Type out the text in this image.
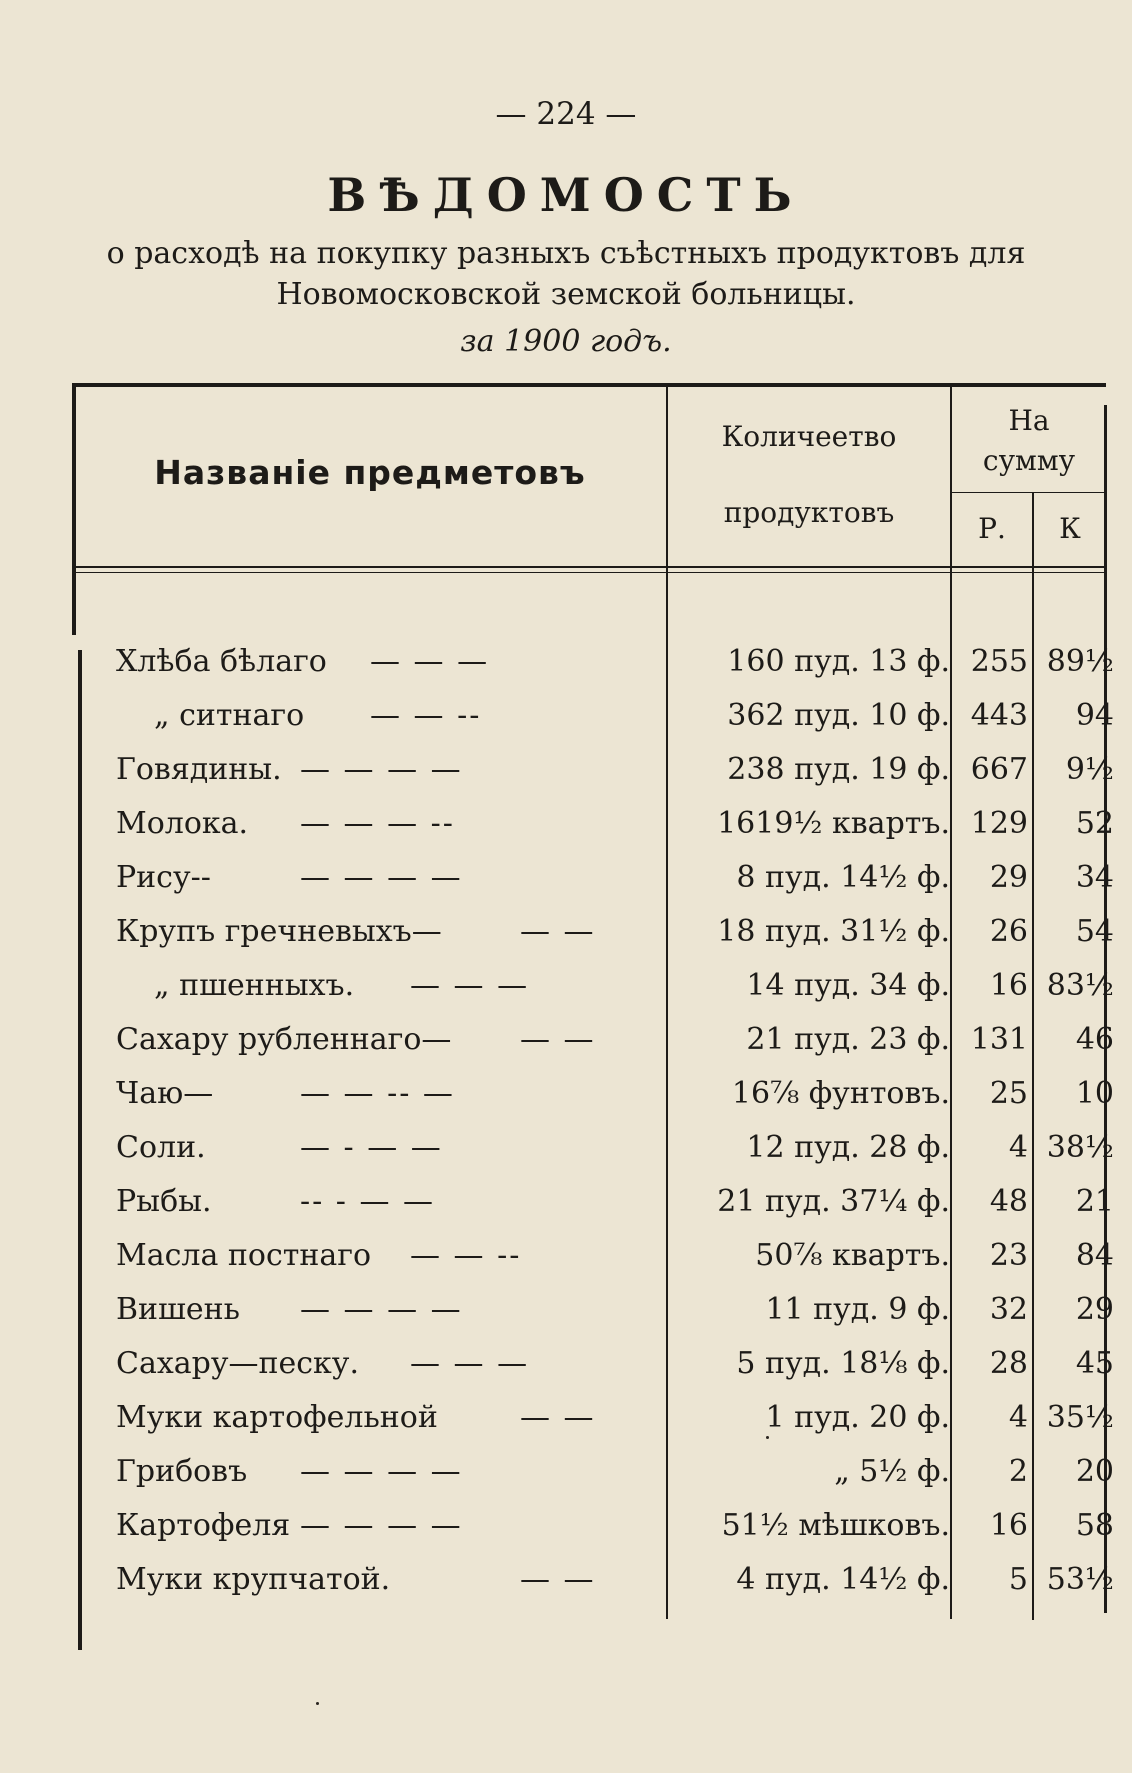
— 224 —
ВѢДОМОСТЬ
о расходѣ на покупку разныхъ съѣстныхъ продуктовъ для
Новомосковской земской больницы.
за 1900 годъ.
Названіе предметовъ
Количеетво
продуктовъ
На
сумму
Р.	К
Хлѣба бѣлаго — — —	160 пуд. 13 ф. 255 89½
„ ситнаго — — --	362 пуд. 10 ф. 443 94
Говядины. — — — —	238 пуд. 19 ф. 667 9½
Молока. — — — --	1619½ квартъ. 129 52
Рису--	— — — —	8 пуд. 14½ ф. 29 34
Крупъ гречневыхъ—	— —	18 пуд. 31½ ф. 26 54
„ пшенныхъ. — — —	14 пуд. 34 ф. 16 83½
Сахару рубленнаго— — —	21 пуд. 23 ф. 131 46
Чаю—	— — -- —	16⅞ фунтовъ. 25 10
Соли.	— - — —	12 пуд. 28 ф. 4 38½
Рыбы.	-- - — —	21 пуд. 37¼ ф. 48 21
Масла постнаго — — --	50⅞ квартъ. 23 84
Вишень — — — —	11 пуд. 9 ф. 32 29
Сахару—песку. — — —	5 пуд. 18⅛ ф. 28 45
Муки картофельной	— —	1 пуд. 20 ф. 4 35½
Грибовъ — — — —	„ 5½ ф. 2 20
Картофеля — — — —	51½ мѣшковъ. 16 58
Муки крупчатой.	— —	4 пуд. 14½ ф. 5 53½
